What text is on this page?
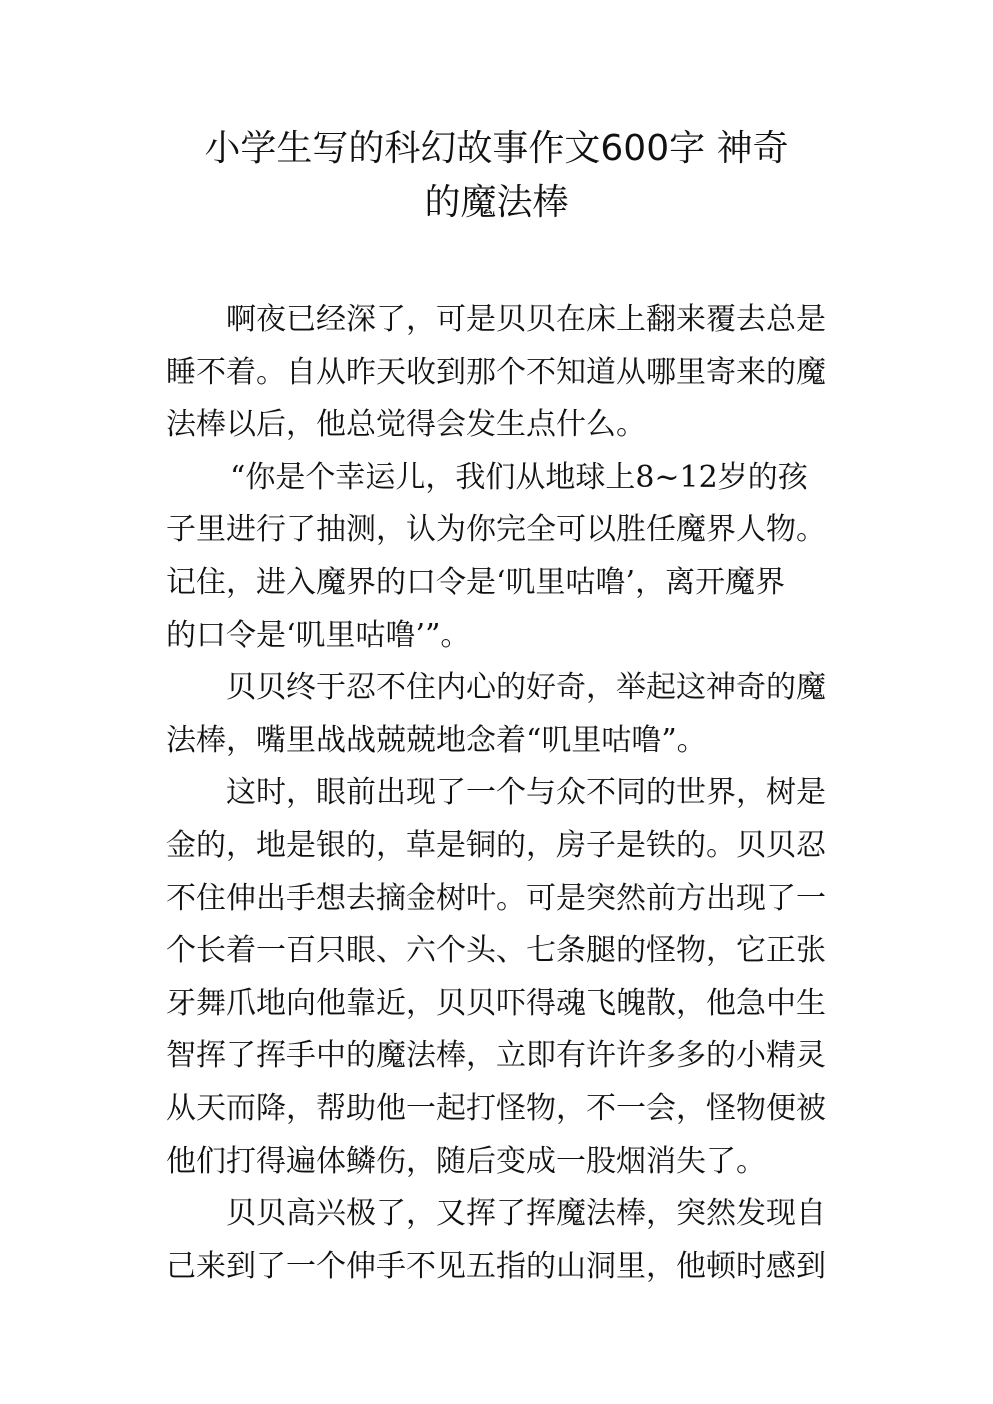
小学生写的科幻故事作文600字 神奇
的魔法棒
啊夜已经深了，可是贝贝在床上翻来覆去总是
睡不着。自从昨天收到那个不知道从哪里寄来的魔
法棒以后，他总觉得会发生点什么。
“你是个幸运儿，我们从地球上8~12岁的孩
子里进行了抽测，认为你完全可以胜任魔界人物。
记住，进入魔界的口令是‘叽里咕噜’，离开魔界
的口令是‘叽里咕噜’”。
贝贝终于忍不住内心的好奇，举起这神奇的魔
法棒，嘴里战战兢兢地念着“叽里咕噜”。
这时，眼前出现了一个与众不同的世界，树是
金的，地是银的，草是铜的，房子是铁的。贝贝忍
不住伸出手想去摘金树叶。可是突然前方出现了一
个长着一百只眼、六个头、七条腿的怪物，它正张
牙舞爪地向他靠近，贝贝吓得魂飞魄散，他急中生
智挥了挥手中的魔法棒，立即有许许多多的小精灵
从天而降，帮助他一起打怪物，不一会，怪物便被
他们打得遍体鳞伤，随后变成一股烟消失了。
贝贝高兴极了，又挥了挥魔法棒，突然发现自
己来到了一个伸手不见五指的山洞里，他顿时感到
